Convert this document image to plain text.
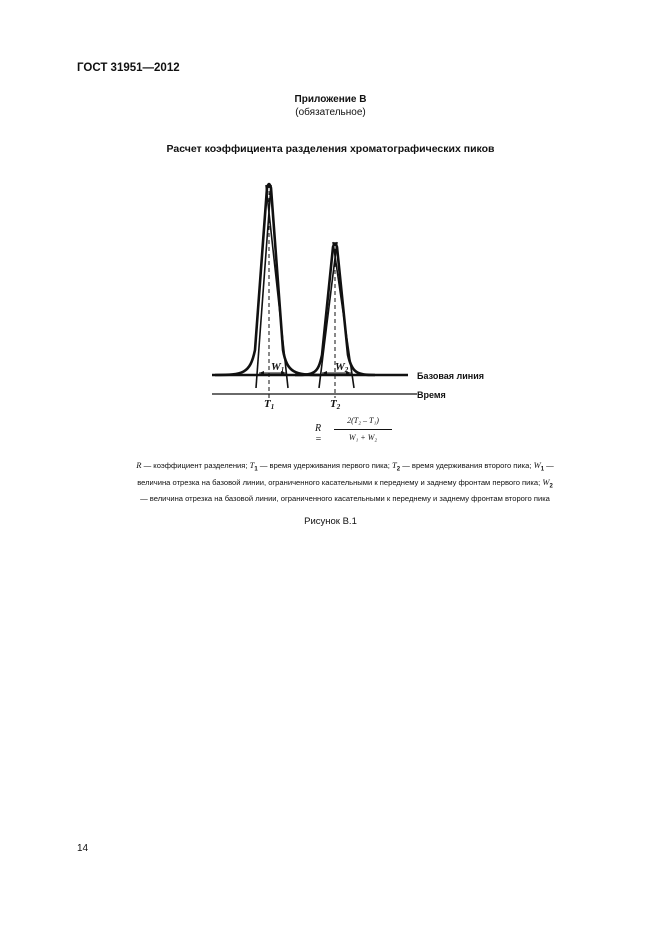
ГОСТ 31951—2012
Приложение В
(обязательное)
Расчет коэффициента разделения хроматографических пиков
W1	W2
T1	T2
Базовая линия
Время
R =
2(T₂ – T₁)
W₁ + W₂
R — коэффициент разделения; $T_1$ — время удерживания первого пика; $T_2$ — время удерживания второго пика; $W_1$ — величина отрезка на базовой линии, ограниченного касательными к переднему и заднему фронтам первого пика; $W_2$ — величина отрезка на базовой линии, ограниченного касательными к переднему и заднему фронтам второго пика
Рисунок В.1
14
